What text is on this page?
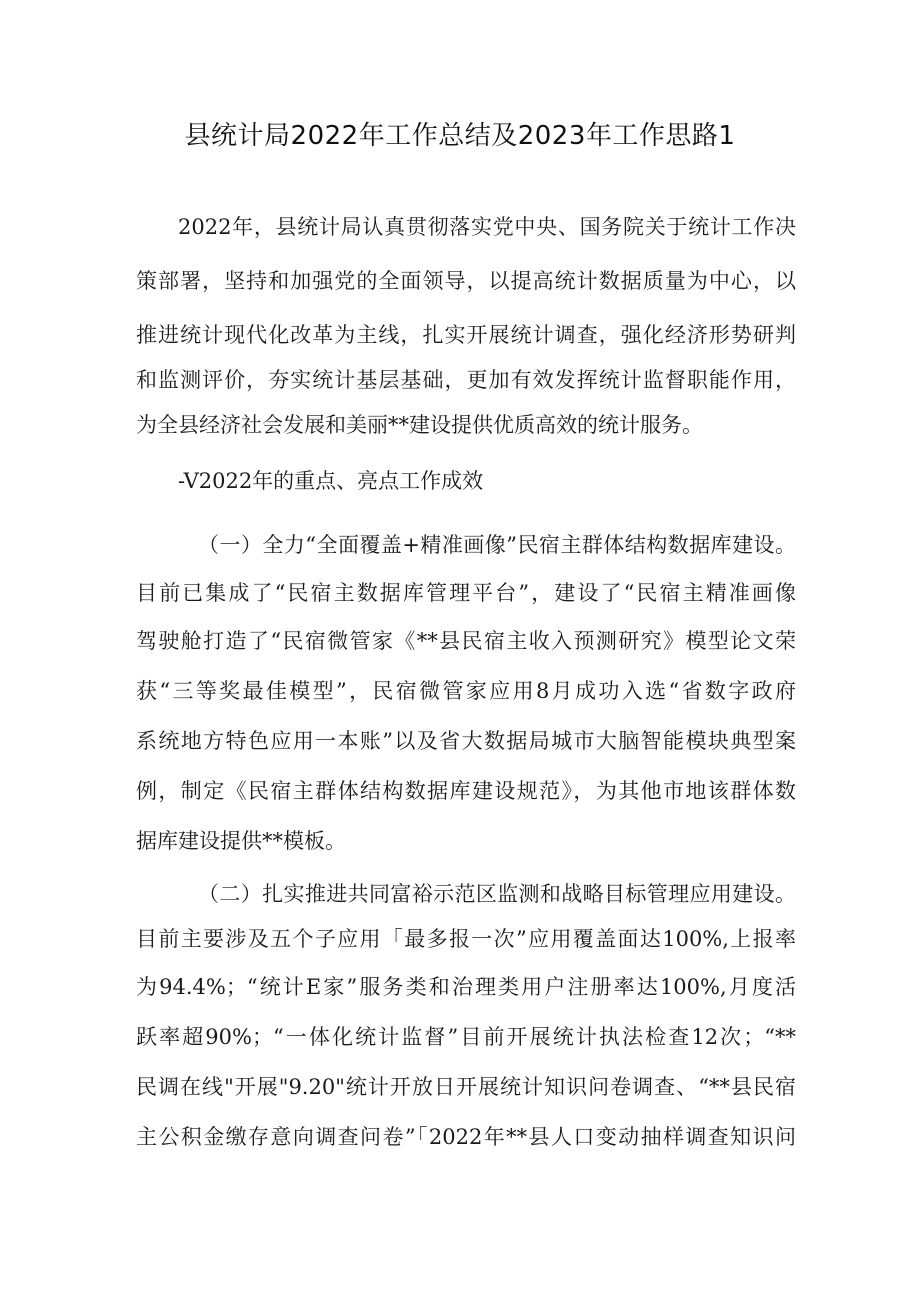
县统计局2022年工作总结及2023年工作思路1
2022年，县统计局认真贯彻落实党中央、国务院关于统计工作决
策部署，坚持和加强党的全面领导，以提高统计数据质量为中心，以
推进统计现代化改革为主线，扎实开展统计调查，强化经济形势研判
和监测评价，夯实统计基层基础，更加有效发挥统计监督职能作用，
为全县经济社会发展和美丽**建设提供优质高效的统计服务。
-V2022年的重点、亮点工作成效
（一）全力“全面覆盖+精准画像”民宿主群体结构数据库建设。
目前已集成了“民宿主数据库管理平台”，建设了“民宿主精准画像
驾驶舱打造了“民宿微管家《**县民宿主收入预测研究》模型论文荣
获“三等奖最佳模型”，民宿微管家应用8月成功入选“省数字政府
系统地方特色应用一本账”以及省大数据局城市大脑智能模块典型案
例，制定《民宿主群体结构数据库建设规范》，为其他市地该群体数
据库建设提供**模板。
（二）扎实推进共同富裕示范区监测和战略目标管理应用建设。
目前主要涉及五个子应用「最多报一次”应用覆盖面达100%,上报率
为94.4%；“统计E家”服务类和治理类用户注册率达100%,月度活
跃率超90%；“一体化统计监督”目前开展统计执法检查12次；“**
民调在线"开展"9.20"统计开放日开展统计知识问卷调查、“**县民宿
主公积金缴存意向调查问卷”「2022年**县人口变动抽样调查知识问
